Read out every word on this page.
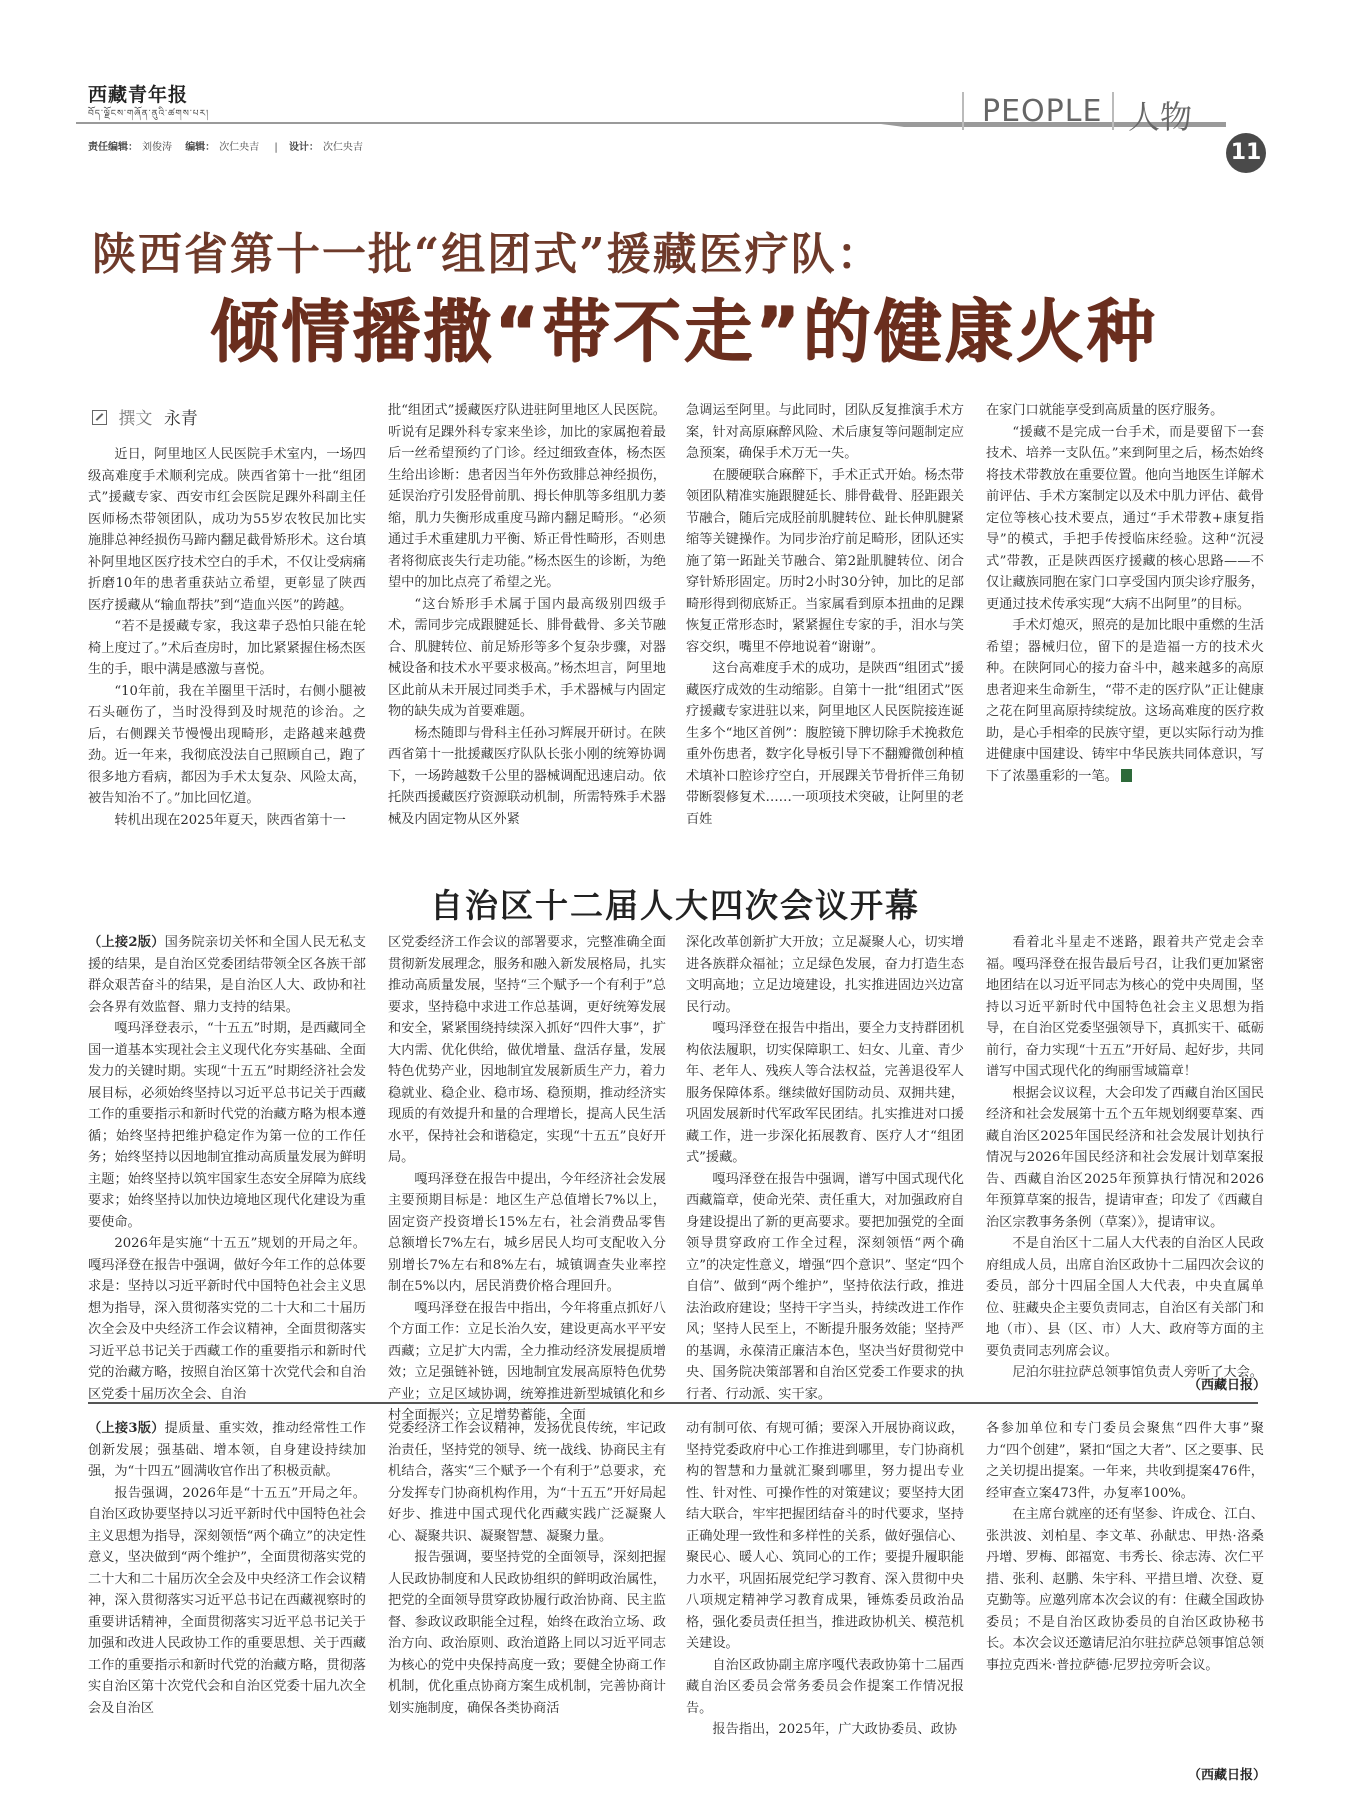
西藏青年报
བོད་ལྗོངས་གཞོན་ནུའི་ཚགས་པར།
责任编辑： 刘俊涛 编辑： 次仁央吉 | 设计： 次仁央吉
PEOPLE 人物
11
陕西省第十一批“组团式”援藏医疗队：
倾情播撒“带不走”的健康火种
撰文 永青

近日，阿里地区人民医院手术室内，一场四级高难度手术顺利完成。陕西省第十一批“组团式”援藏专家、西安市红会医院足踝外科副主任医师杨杰带领团队，成功为55岁农牧民加比实施腓总神经损伤马蹄内翻足截骨矫形术。这台填补阿里地区医疗技术空白的手术，不仅让受病痛折磨10年的患者重获站立希望，更彰显了陕西医疗援藏从“输血帮扶”到“造血兴医”的跨越。

“若不是援藏专家，我这辈子恐怕只能在轮椅上度过了。”术后查房时，加比紧紧握住杨杰医生的手，眼中满是感激与喜悦。

“10年前，我在羊圈里干活时，右侧小腿被石头砸伤了，当时没得到及时规范的诊治。之后，右侧踝关节慢慢出现畸形，走路越来越费劲。近一年来，我彻底没法自己照顾自己，跑了很多地方看病，都因为手术太复杂、风险太高，被告知治不了。”加比回忆道。

转机出现在2025年夏天，陕西省第十一

批“组团式”援藏医疗队进驻阿里地区人民医院。听说有足踝外科专家来坐诊，加比的家属抱着最后一丝希望预约了门诊。经过细致查体，杨杰医生给出诊断：患者因当年外伤致腓总神经损伤，延误治疗引发胫骨前肌、拇长伸肌等多组肌力萎缩，肌力失衡形成重度马蹄内翻足畸形。“必须通过手术重建肌力平衡、矫正骨性畸形，否则患者将彻底丧失行走功能。”杨杰医生的诊断，为绝望中的加比点亮了希望之光。

“这台矫形手术属于国内最高级别四级手术，需同步完成跟腱延长、腓骨截骨、多关节融合、肌腱转位、前足矫形等多个复杂步骤，对器械设备和技术水平要求极高。”杨杰坦言，阿里地区此前从未开展过同类手术，手术器械与内固定物的缺失成为首要难题。

杨杰随即与骨科主任孙习辉展开研讨。在陕西省第十一批援藏医疗队队长张小刚的统筹协调下，一场跨越数千公里的器械调配迅速启动。依托陕西援藏医疗资源联动机制，所需特殊手术器械及内固定物从区外紧

急调运至阿里。与此同时，团队反复推演手术方案，针对高原麻醉风险、术后康复等问题制定应急预案，确保手术万无一失。

在腰硬联合麻醉下，手术正式开始。杨杰带领团队精准实施跟腱延长、腓骨截骨、胫距跟关节融合，随后完成胫前肌腱转位、趾长伸肌腱紧缩等关键操作。为同步治疗前足畸形，团队还实施了第一跖趾关节融合、第2趾肌腱转位、闭合穿针矫形固定。历时2小时30分钟，加比的足部畸形得到彻底矫正。当家属看到原本扭曲的足踝恢复正常形态时，紧紧握住专家的手，泪水与笑容交织，嘴里不停地说着“谢谢”。

这台高难度手术的成功，是陕西“组团式”援藏医疗成效的生动缩影。自第十一批“组团式”医疗援藏专家进驻以来，阿里地区人民医院接连诞生多个“地区首例”：腹腔镜下脾切除手术挽救危重外伤患者，数字化导板引导下不翻瓣微创种植术填补口腔诊疗空白，开展踝关节骨折伴三角韧带断裂修复术……一项项技术突破，让阿里的老百姓

在家门口就能享受到高质量的医疗服务。

“援藏不是完成一台手术，而是要留下一套技术、培养一支队伍。”来到阿里之后，杨杰始终将技术带教放在重要位置。他向当地医生详解术前评估、手术方案制定以及术中肌力评估、截骨定位等核心技术要点，通过“手术带教+康复指导”的模式，手把手传授临床经验。这种“沉浸式”带教，正是陕西医疗援藏的核心思路——不仅让藏族同胞在家门口享受国内顶尖诊疗服务，更通过技术传承实现“大病不出阿里”的目标。

手术灯熄灭，照亮的是加比眼中重燃的生活希望；器械归位，留下的是造福一方的技术火种。在陕阿同心的接力奋斗中，越来越多的高原患者迎来生命新生，“带不走的医疗队”正让健康之花在阿里高原持续绽放。这场高难度的医疗救助，是心手相牵的民族守望，更以实际行动为推进健康中国建设、铸牢中华民族共同体意识，写下了浓墨重彩的一笔。

自治区十二届人大四次会议开幕

（上接2版）国务院亲切关怀和全国人民无私支援的结果，是自治区党委团结带领全区各族干部群众艰苦奋斗的结果，是自治区人大、政协和社会各界有效监督、鼎力支持的结果。

嘎玛泽登表示，“十五五”时期，是西藏同全国一道基本实现社会主义现代化夯实基础、全面发力的关键时期。实现“十五五”时期经济社会发展目标，必须始终坚持以习近平总书记关于西藏工作的重要指示和新时代党的治藏方略为根本遵循；始终坚持把维护稳定作为第一位的工作任务；始终坚持以因地制宜推动高质量发展为鲜明主题；始终坚持以筑牢国家生态安全屏障为底线要求；始终坚持以加快边境地区现代化建设为重要使命。

2026年是实施“十五五”规划的开局之年。嘎玛泽登在报告中强调，做好今年工作的总体要求是：坚持以习近平新时代中国特色社会主义思想为指导，深入贯彻落实党的二十大和二十届历次全会及中央经济工作会议精神，全面贯彻落实习近平总书记关于西藏工作的重要指示和新时代党的治藏方略，按照自治区第十次党代会和自治区党委十届历次全会、自治

区党委经济工作会议的部署要求，完整准确全面贯彻新发展理念，服务和融入新发展格局，扎实推动高质量发展，坚持“三个赋予一个有利于”总要求，坚持稳中求进工作总基调，更好统筹发展和安全，紧紧围绕持续深入抓好“四件大事”，扩大内需、优化供给，做优增量、盘活存量，发展特色优势产业，因地制宜发展新质生产力，着力稳就业、稳企业、稳市场、稳预期，推动经济实现质的有效提升和量的合理增长，提高人民生活水平，保持社会和谐稳定，实现“十五五”良好开局。

嘎玛泽登在报告中提出，今年经济社会发展主要预期目标是：地区生产总值增长7%以上，固定资产投资增长15%左右，社会消费品零售总额增长7%左右，城乡居民人均可支配收入分别增长7%左右和8%左右，城镇调查失业率控制在5%以内，居民消费价格合理回升。

嘎玛泽登在报告中指出，今年将重点抓好八个方面工作：立足长治久安，建设更高水平平安西藏；立足扩大内需，全力推动经济发展提质增效；立足强链补链，因地制宜发展高原特色优势产业；立足区域协调，统筹推进新型城镇化和乡村全面振兴；立足增势蓄能，全面

深化改革创新扩大开放；立足凝聚人心，切实增进各族群众福祉；立足绿色发展，奋力打造生态文明高地；立足边境建设，扎实推进固边兴边富民行动。

嘎玛泽登在报告中指出，要全力支持群团机构依法履职，切实保障职工、妇女、儿童、青少年、老年人、残疾人等合法权益，完善退役军人服务保障体系。继续做好国防动员、双拥共建，巩固发展新时代军政军民团结。扎实推进对口援藏工作，进一步深化拓展教育、医疗人才“组团式”援藏。

嘎玛泽登在报告中强调，谱写中国式现代化西藏篇章，使命光荣、责任重大，对加强政府自身建设提出了新的更高要求。要把加强党的全面领导贯穿政府工作全过程，深刻领悟“两个确立”的决定性意义，增强“四个意识”、坚定“四个自信”、做到“两个维护”，坚持依法行政，推进法治政府建设；坚持干字当头，持续改进工作作风；坚持人民至上，不断提升服务效能；坚持严的基调，永葆清正廉洁本色，坚决当好贯彻党中央、国务院决策部署和自治区党委工作要求的执行者、行动派、实干家。

看着北斗星走不迷路，跟着共产党走会幸福。嘎玛泽登在报告最后号召，让我们更加紧密地团结在以习近平同志为核心的党中央周围，坚持以习近平新时代中国特色社会主义思想为指导，在自治区党委坚强领导下，真抓实干、砥砺前行，奋力实现“十五五”开好局、起好步，共同谱写中国式现代化的绚丽雪域篇章！

根据会议议程，大会印发了西藏自治区国民经济和社会发展第十五个五年规划纲要草案、西藏自治区2025年国民经济和社会发展计划执行情况与2026年国民经济和社会发展计划草案报告、西藏自治区2025年预算执行情况和2026年预算草案的报告，提请审查；印发了《西藏自治区宗教事务条例（草案）》，提请审议。

不是自治区十二届人大代表的自治区人民政府组成人员，出席自治区政协十二届四次会议的委员，部分十四届全国人大代表，中央直属单位、驻藏央企主要负责同志，自治区有关部门和地（市）、县（区、市）人大、政府等方面的主要负责同志列席会议。

尼泊尔驻拉萨总领事馆负责人旁听了大会。

（西藏日报）

（上接3版）提质量、重实效，推动经常性工作创新发展；强基础、增本领，自身建设持续加强，为“十四五”圆满收官作出了积极贡献。

报告强调，2026年是“十五五”开局之年。自治区政协要坚持以习近平新时代中国特色社会主义思想为指导，深刻领悟“两个确立”的决定性意义，坚决做到“两个维护”，全面贯彻落实党的二十大和二十届历次全会及中央经济工作会议精神，深入贯彻落实习近平总书记在西藏视察时的重要讲话精神，全面贯彻落实习近平总书记关于加强和改进人民政协工作的重要思想、关于西藏工作的重要指示和新时代党的治藏方略，贯彻落实自治区第十次党代会和自治区党委十届九次全会及自治区

党委经济工作会议精神，发扬优良传统，牢记政治责任，坚持党的领导、统一战线、协商民主有机结合，落实“三个赋予一个有利于”总要求，充分发挥专门协商机构作用，为“十五五”开好局起好步、推进中国式现代化西藏实践广泛凝聚人心、凝聚共识、凝聚智慧、凝聚力量。

报告强调，要坚持党的全面领导，深刻把握人民政协制度和人民政协组织的鲜明政治属性，把党的全面领导贯穿政协履行政治协商、民主监督、参政议政职能全过程，始终在政治立场、政治方向、政治原则、政治道路上同以习近平同志为核心的党中央保持高度一致；要健全协商工作机制，优化重点协商方案生成机制，完善协商计划实施制度，确保各类协商活

动有制可依、有规可循；要深入开展协商议政，坚持党委政府中心工作推进到哪里，专门协商机构的智慧和力量就汇聚到哪里，努力提出专业性、针对性、可操作性的对策建议；要坚持大团结大联合，牢牢把握团结奋斗的时代要求，坚持正确处理一致性和多样性的关系，做好强信心、聚民心、暖人心、筑同心的工作；要提升履职能力水平，巩固拓展党纪学习教育、深入贯彻中央八项规定精神学习教育成果，锤炼委员政治品格，强化委员责任担当，推进政协机关、模范机关建设。

自治区政协副主席序嘎代表政协第十二届西藏自治区委员会常务委员会作提案工作情况报告。

报告指出，2025年，广大政协委员、政协

各参加单位和专门委员会聚焦“四件大事”聚力“四个创建”，紧扣“国之大者”、区之要事、民之关切提出提案。一年来，共收到提案476件，经审查立案473件，办复率100%。

在主席台就座的还有坚参、许成仓、江白、张洪波、刘柏星、李文革、孙献忠、甲热·洛桑丹增、罗梅、郎福宽、韦秀长、徐志涛、次仁平措、张利、赵鹏、朱宇科、平措旦增、次登、夏克勤等。应邀列席本次会议的有：住藏全国政协委员；不是自治区政协委员的自治区政协秘书长。本次会议还邀请尼泊尔驻拉萨总领事馆总领事拉克西米·普拉萨德·尼罗拉旁听会议。

（西藏日报）
